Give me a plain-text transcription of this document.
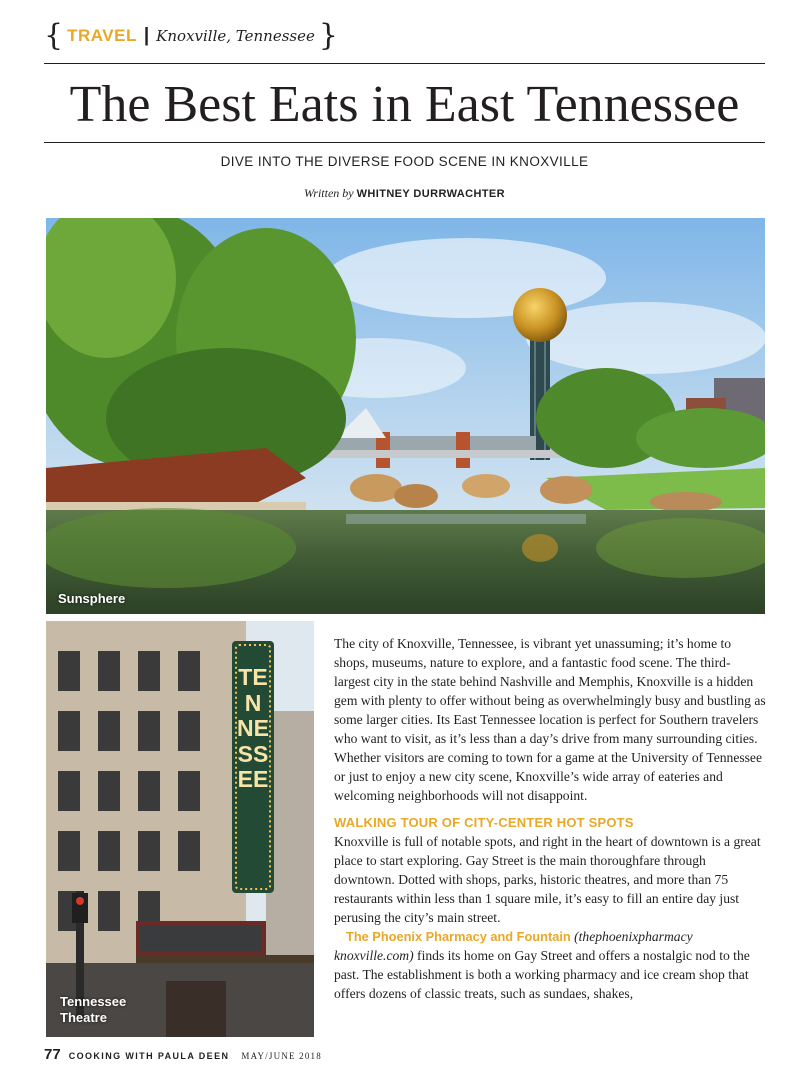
{ TRAVEL | Knoxville, Tennessee }
The Best Eats in East Tennessee
DIVE INTO THE DIVERSE FOOD SCENE IN KNOXVILLE
Written by WHITNEY DURRWACHTER
Sunsphere
TENNESSEE
Tennessee Theatre

The city of Knoxville, Tennessee, is vibrant yet unassuming; it’s home to shops, museums, nature to explore, and a fantastic food scene. The third-largest city in the state behind Nashville and Memphis, Knoxville is a hidden gem with plenty to offer without being as overwhelmingly busy and bustling as some larger cities. Its East Tennessee location is perfect for Southern travelers who want to visit, as it’s less than a day’s drive from many surrounding cities. Whether visitors are coming to town for a game at the University of Tennessee or just to enjoy a new city scene, Knoxville’s wide array of eateries and welcoming neighborhoods will not disappoint.

WALKING TOUR OF CITY-CENTER HOT SPOTS

Knoxville is full of notable spots, and right in the heart of downtown is a great place to start exploring. Gay Street is the main thoroughfare through downtown. Dotted with shops, parks, historic theatres, and more than 75 restaurants within less than 1 square mile, it’s easy to fill an entire day just perusing the city’s main street.

The Phoenix Pharmacy and Fountain (thephoenixpharmacy knoxville.com) finds its home on Gay Street and offers a nostalgic nod to the past. The establishment is both a working pharmacy and ice cream shop that offers dozens of classic treats, such as sundaes, shakes,

77 COOKING WITH PAULA DEEN MAY/JUNE 2018
